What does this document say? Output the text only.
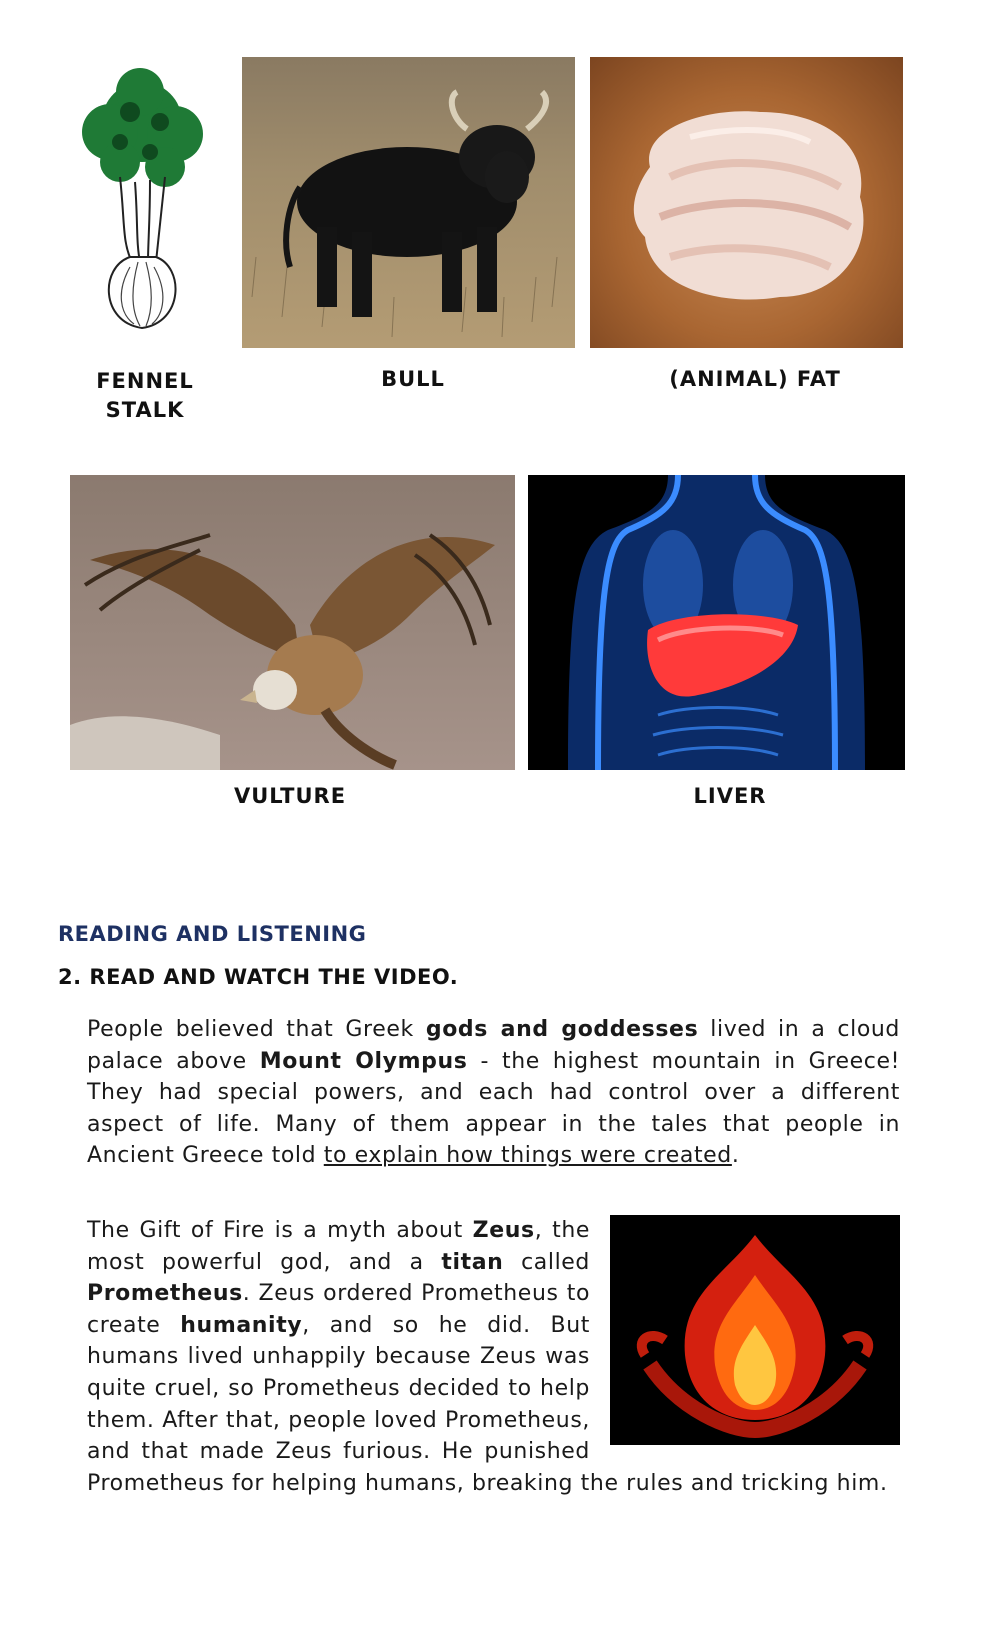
FENNEL STALK
BULL	(ANIMAL) FAT
VULTURE	LIVER
READING AND LISTENING
2. READ AND WATCH THE VIDEO.
People believed that Greek gods and goddesses lived in a cloud palace above Mount Olympus - the highest mountain in Greece! They had special powers, and each had control over a different aspect of life. Many of them appear in the tales that people in Ancient Greece told to explain how things were created.
The Gift of Fire is a myth about Zeus, the most powerful god, and a titan called Prometheus. Zeus ordered Prometheus to create humanity, and so he did. But humans lived unhappily because Zeus was quite cruel, so Prometheus decided to help them. After that, people loved Prometheus, and that made Zeus furious. He punished Prometheus for helping humans, breaking the rules and tricking him.
